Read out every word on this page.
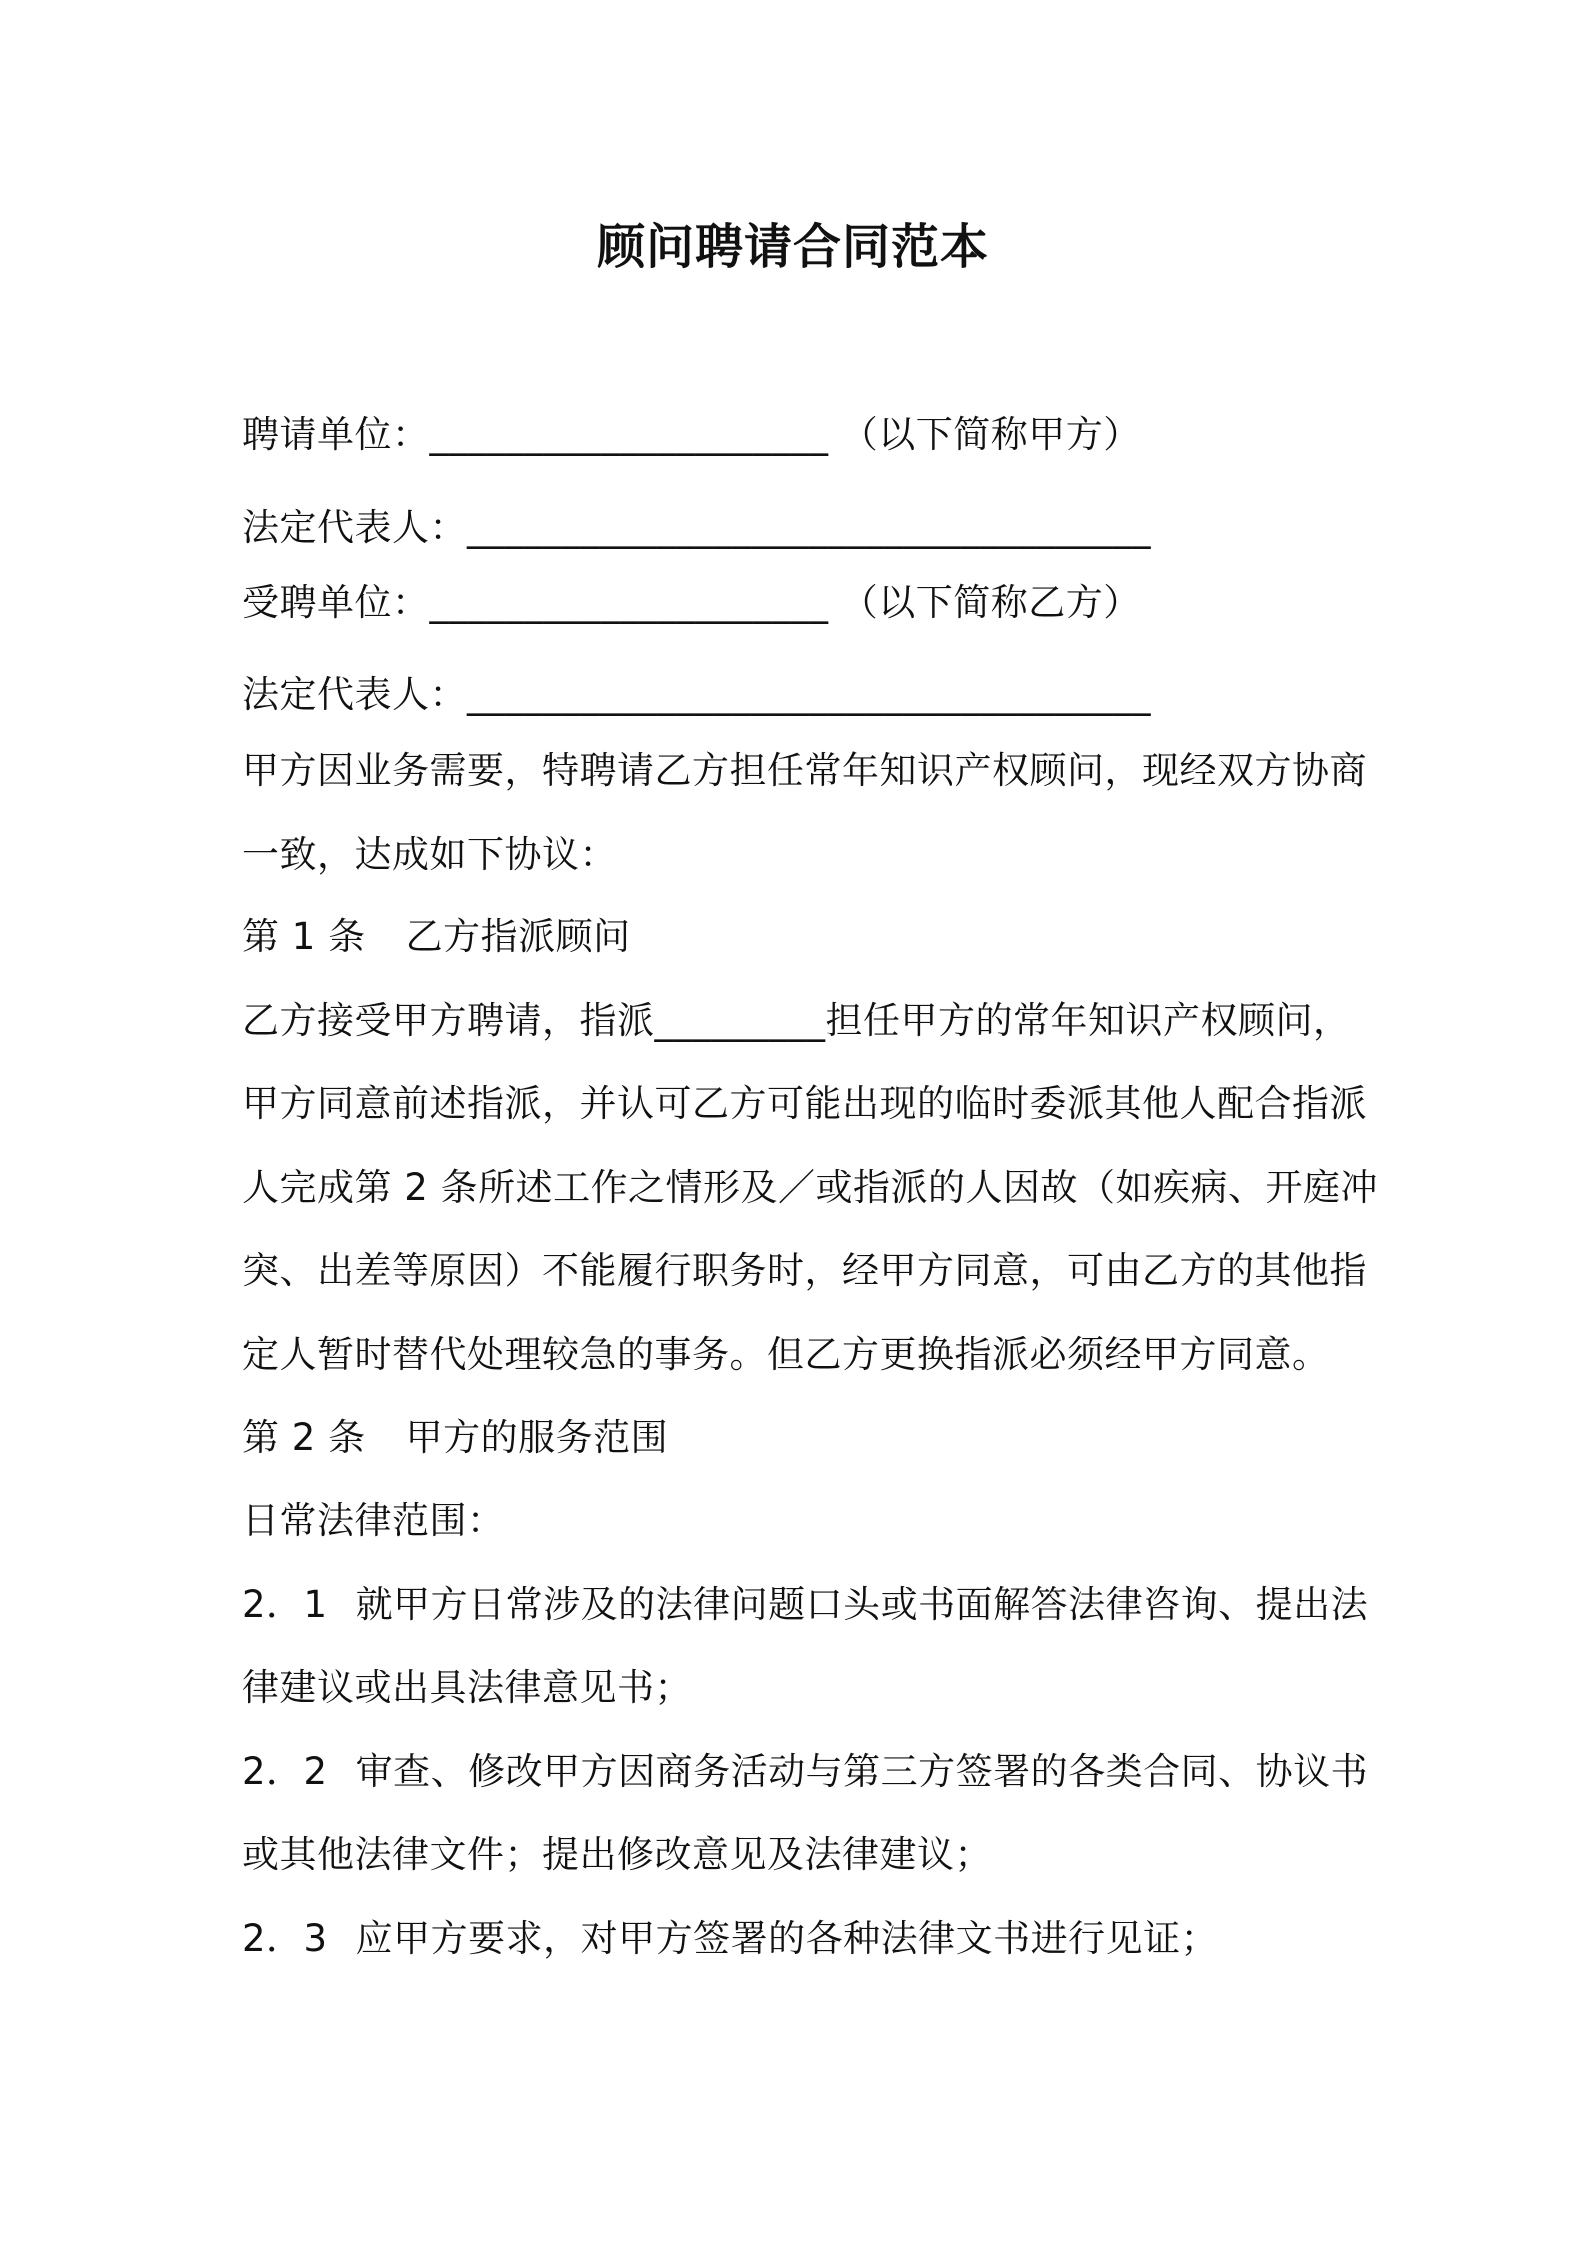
顾问聘请合同范本
聘请单位：_____________________ （以下简称甲方）
法定代表人：____________________________________
受聘单位：_____________________ （以下简称乙方）
法定代表人：____________________________________
甲方因业务需要，特聘请乙方担任常年知识产权顾问，现经双方协商
一致，达成如下协议：
第 1 条 乙方指派顾问
乙方接受甲方聘请，指派_________担任甲方的常年知识产权顾问，
甲方同意前述指派，并认可乙方可能出现的临时委派其他人配合指派
人完成第 2 条所述工作之情形及／或指派的人因故（如疾病、开庭冲
突、出差等原因）不能履行职务时，经甲方同意，可由乙方的其他指
定人暂时替代处理较急的事务。但乙方更换指派必须经甲方同意。
第 2 条 甲方的服务范围
日常法律范围：
2．1 就甲方日常涉及的法律问题口头或书面解答法律咨询、提出法
律建议或出具法律意见书；
2．2 审查、修改甲方因商务活动与第三方签署的各类合同、协议书
或其他法律文件；提出修改意见及法律建议；
2．3 应甲方要求，对甲方签署的各种法律文书进行见证；
